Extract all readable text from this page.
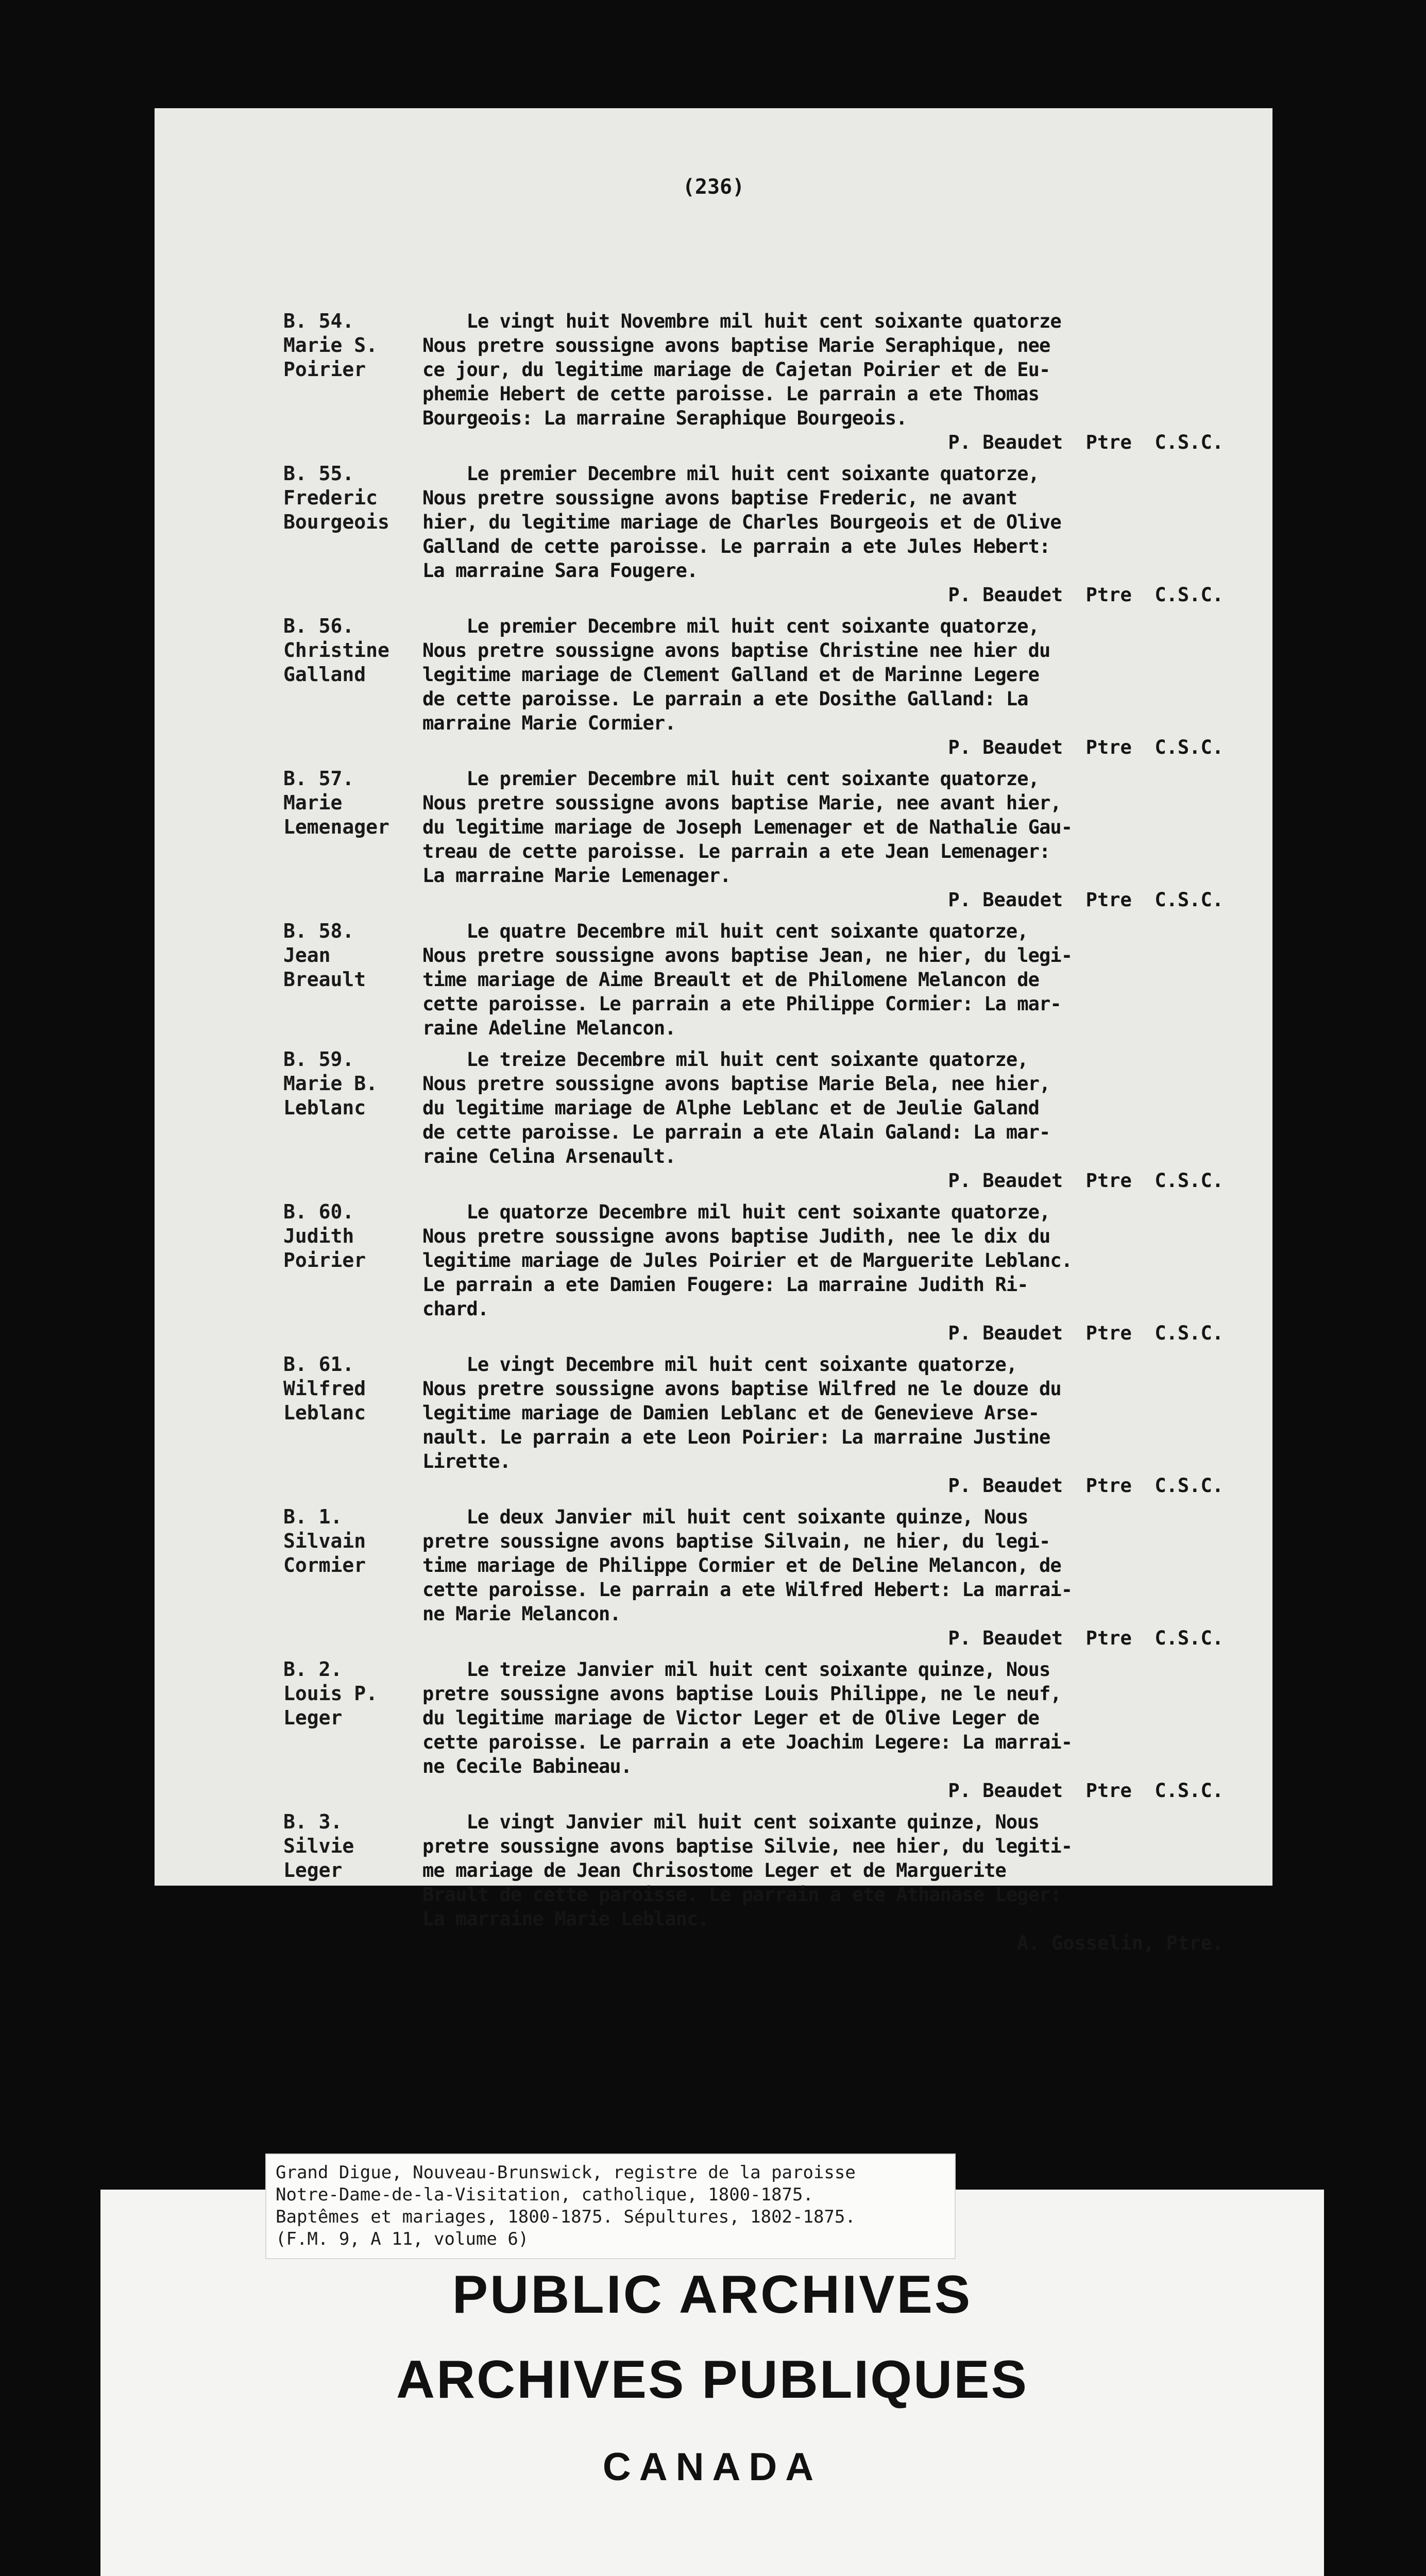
(236)
B. 54.
Marie S.
Poirier
Le vingt huit Novembre mil huit cent soixante quatorze
Nous pretre soussigne avons baptise Marie Seraphique, nee
ce jour, du legitime mariage de Cajetan Poirier et de Eu-
phemie Hebert de cette paroisse. Le parrain a ete Thomas
Bourgeois: La marraine Seraphique Bourgeois.
P. Beaudet  Ptre  C.S.C.
B. 55.
Frederic
Bourgeois
Le premier Decembre mil huit cent soixante quatorze,
Nous pretre soussigne avons baptise Frederic, ne avant
hier, du legitime mariage de Charles Bourgeois et de Olive
Galland de cette paroisse. Le parrain a ete Jules Hebert:
La marraine Sara Fougere.
P. Beaudet  Ptre  C.S.C.
B. 56.
Christine
Galland
Le premier Decembre mil huit cent soixante quatorze,
Nous pretre soussigne avons baptise Christine nee hier du
legitime mariage de Clement Galland et de Marinne Legere
de cette paroisse. Le parrain a ete Dosithe Galland: La
marraine Marie Cormier.
P. Beaudet  Ptre  C.S.C.
B. 57.
Marie
Lemenager
Le premier Decembre mil huit cent soixante quatorze,
Nous pretre soussigne avons baptise Marie, nee avant hier,
du legitime mariage de Joseph Lemenager et de Nathalie Gau-
treau de cette paroisse. Le parrain a ete Jean Lemenager:
La marraine Marie Lemenager.
P. Beaudet  Ptre  C.S.C.
B. 58.
Jean
Breault
Le quatre Decembre mil huit cent soixante quatorze,
Nous pretre soussigne avons baptise Jean, ne hier, du legi-
time mariage de Aime Breault et de Philomene Melancon de
cette paroisse. Le parrain a ete Philippe Cormier: La mar-
raine Adeline Melancon.
B. 59.
Marie B.
Leblanc
Le treize Decembre mil huit cent soixante quatorze,
Nous pretre soussigne avons baptise Marie Bela, nee hier,
du legitime mariage de Alphe Leblanc et de Jeulie Galand
de cette paroisse. Le parrain a ete Alain Galand: La mar-
raine Celina Arsenault.
P. Beaudet  Ptre  C.S.C.
B. 60.
Judith
Poirier
Le quatorze Decembre mil huit cent soixante quatorze,
Nous pretre soussigne avons baptise Judith, nee le dix du
legitime mariage de Jules Poirier et de Marguerite Leblanc.
Le parrain a ete Damien Fougere: La marraine Judith Ri-
chard.
P. Beaudet  Ptre  C.S.C.
B. 61.
Wilfred
Leblanc
Le vingt Decembre mil huit cent soixante quatorze,
Nous pretre soussigne avons baptise Wilfred ne le douze du
legitime mariage de Damien Leblanc et de Genevieve Arse-
nault. Le parrain a ete Leon Poirier: La marraine Justine
Lirette.
P. Beaudet  Ptre  C.S.C.
B. 1.
Silvain
Cormier
Le deux Janvier mil huit cent soixante quinze, Nous
pretre soussigne avons baptise Silvain, ne hier, du legi-
time mariage de Philippe Cormier et de Deline Melancon, de
cette paroisse. Le parrain a ete Wilfred Hebert: La marrai-
ne Marie Melancon.
P. Beaudet  Ptre  C.S.C.
B. 2.
Louis P.
Leger
Le treize Janvier mil huit cent soixante quinze, Nous
pretre soussigne avons baptise Louis Philippe, ne le neuf,
du legitime mariage de Victor Leger et de Olive Leger de
cette paroisse. Le parrain a ete Joachim Legere: La marrai-
ne Cecile Babineau.
P. Beaudet  Ptre  C.S.C.
B. 3.
Silvie
Leger
Le vingt Janvier mil huit cent soixante quinze, Nous
pretre soussigne avons baptise Silvie, nee hier, du legiti-
me mariage de Jean Chrisostome Leger et de Marguerite
Brault de cette paroisse. Le parrain a ete Athanase Leger:
La marraine Marie Leblanc.
A. Gosselin, Ptre.
Grand Digue, Nouveau-Brunswick, registre de la paroisse
Notre-Dame-de-la-Visitation, catholique, 1800-1875.
Baptêmes et mariages, 1800-1875. Sépultures, 1802-1875.
(F.M. 9, A 11, volume 6)
PUBLIC ARCHIVES
ARCHIVES PUBLIQUES
CANADA
